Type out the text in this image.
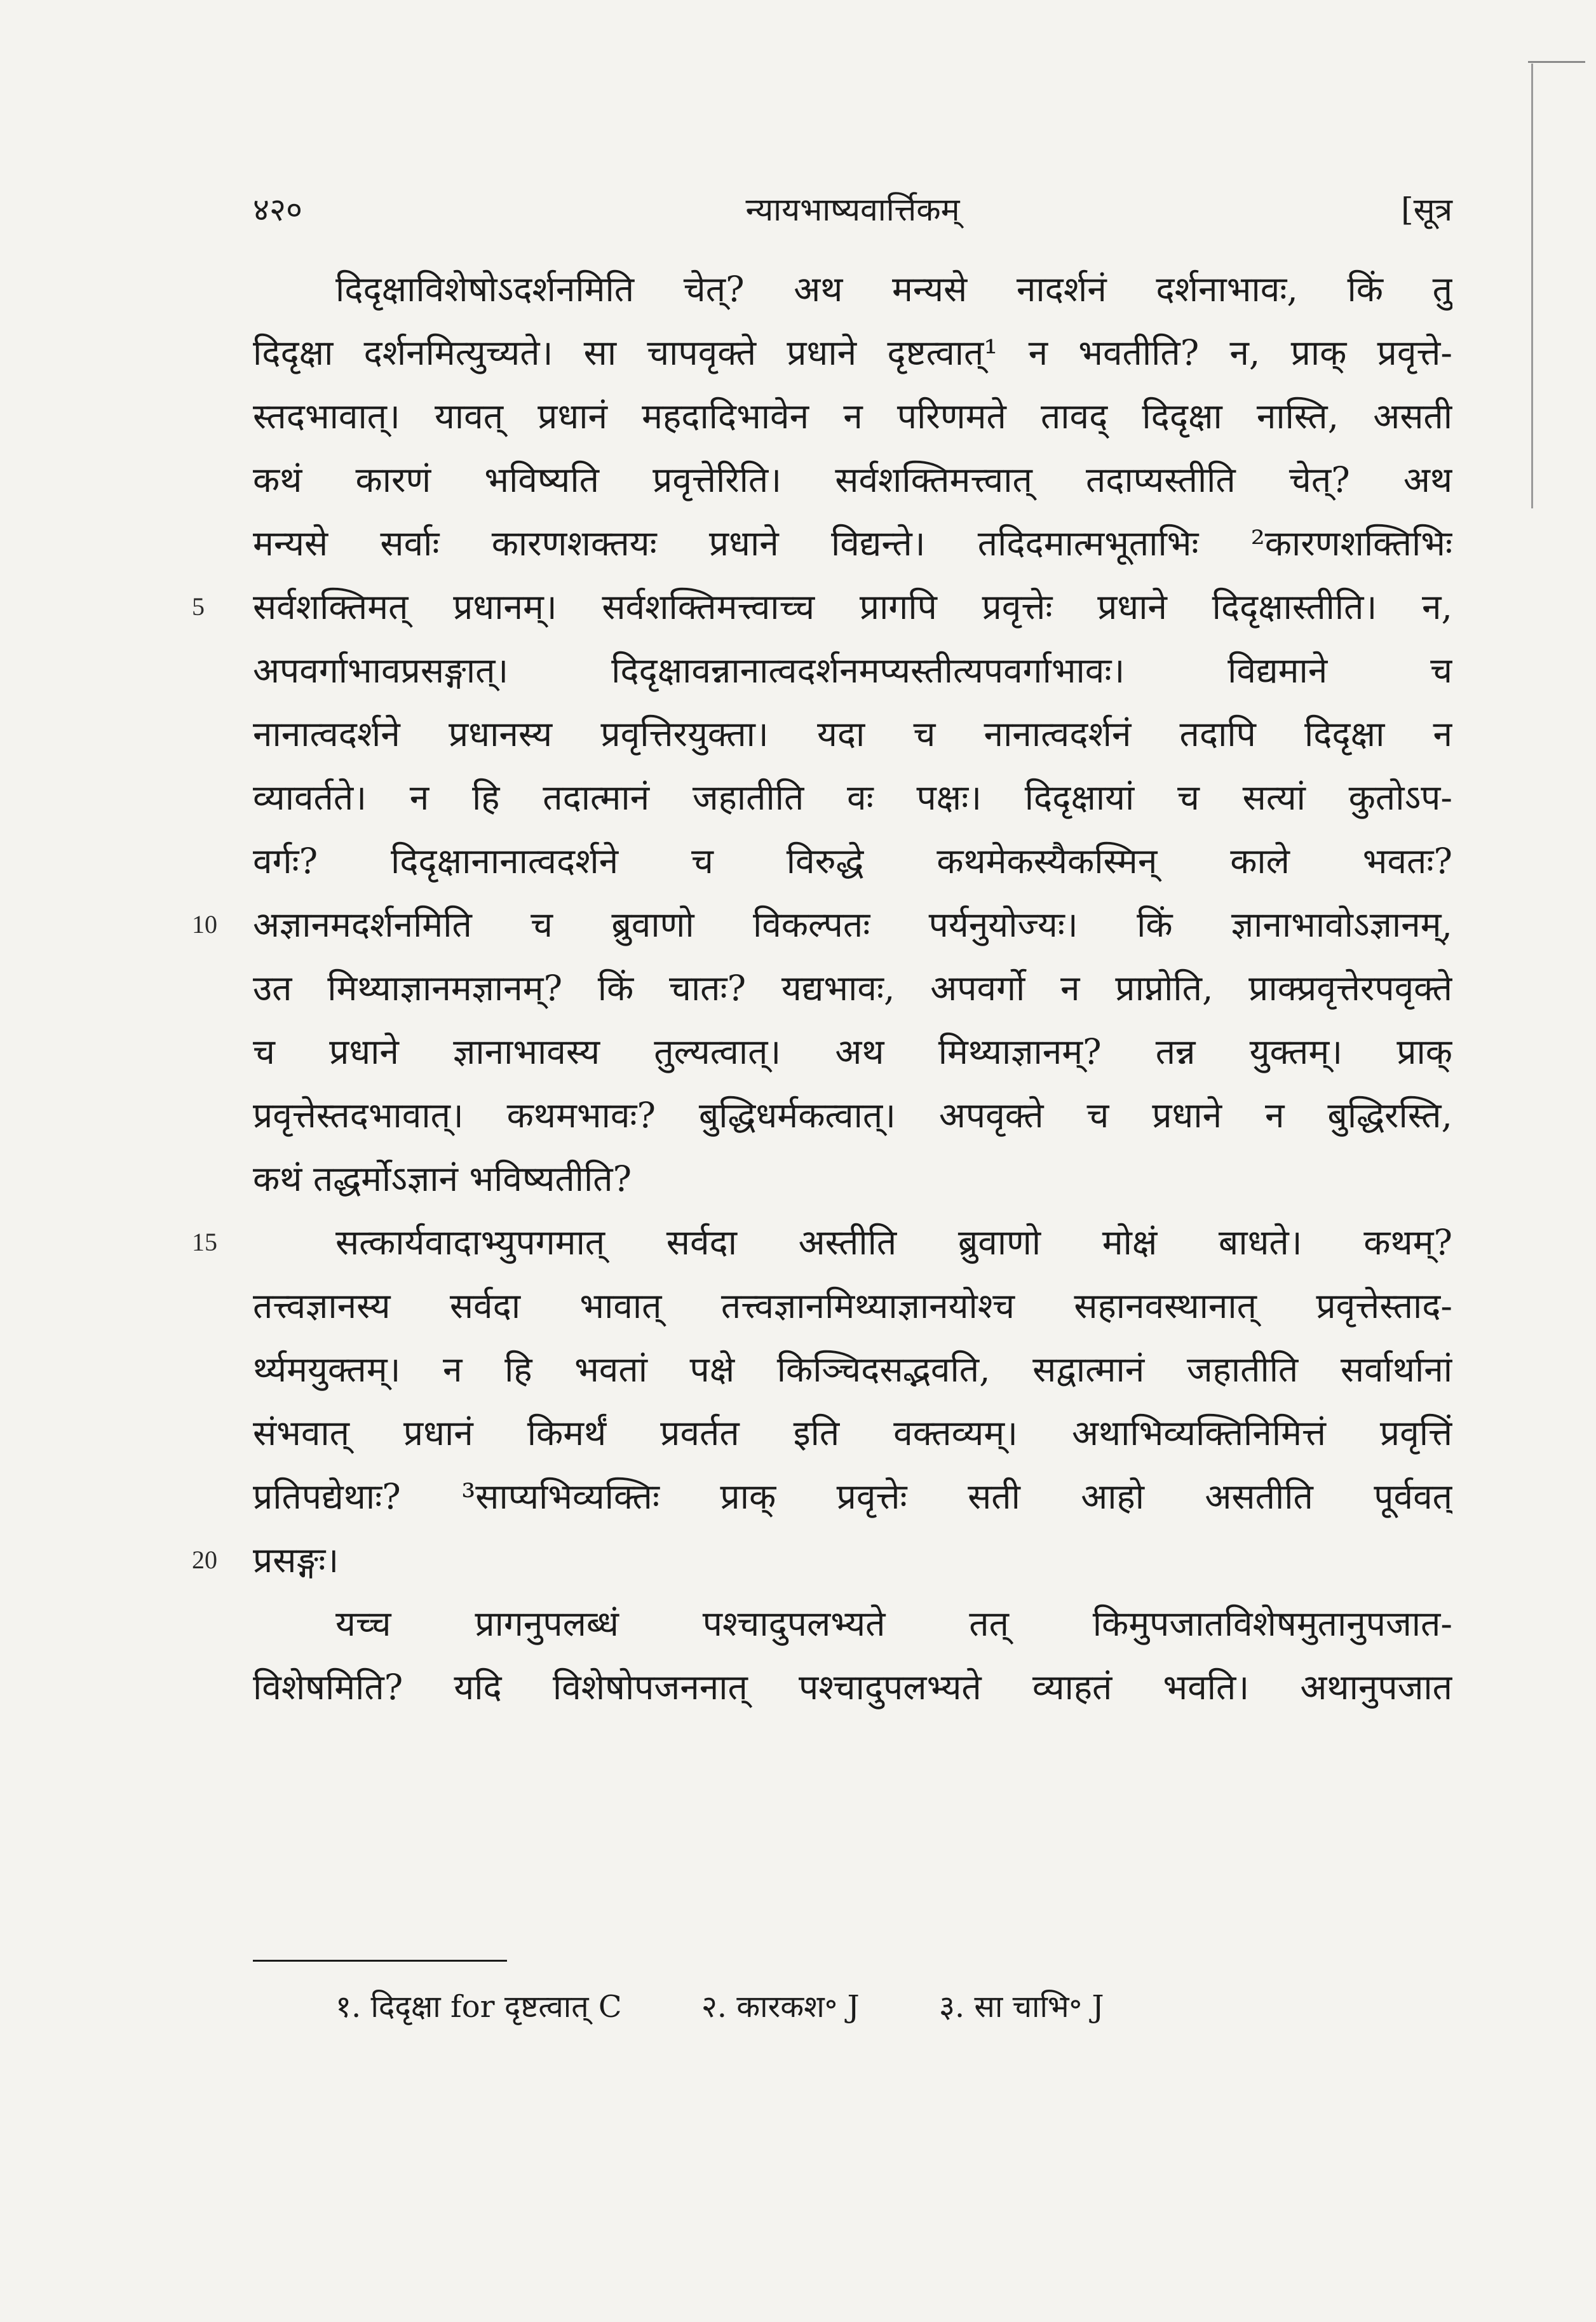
४२०	न्यायभाष्यवार्त्तिकम्	[सूत्र
दिदृक्षाविशेषोऽदर्शनमिति चेत्? अथ मन्यसे नादर्शनं दर्शनाभावः, किं तु
दिदृक्षा दर्शनमित्युच्यते। सा चापवृक्ते प्रधाने दृष्टत्वात्¹ न भवतीति? न, प्राक् प्रवृत्ते-
स्तदभावात्। यावत् प्रधानं महदादिभावेन न परिणमते तावद् दिदृक्षा नास्ति, असती
कथं कारणं भविष्यति प्रवृत्तेरिति। सर्वशक्तिमत्त्वात् तदाप्यस्तीति चेत्? अथ
मन्यसे सर्वाः कारणशक्तयः प्रधाने विद्यन्ते। तदिदमात्मभूताभिः ²कारणशक्तिभिः
सर्वशक्तिमत् प्रधानम्। सर्वशक्तिमत्त्वाच्च प्रागपि प्रवृत्तेः प्रधाने दिदृक्षास्तीति। न,
अपवर्गाभावप्रसङ्गात्। दिदृक्षावन्नानात्वदर्शनमप्यस्तीत्यपवर्गाभावः। विद्यमाने च
नानात्वदर्शने प्रधानस्य प्रवृत्तिरयुक्ता। यदा च नानात्वदर्शनं तदापि दिदृक्षा न
व्यावर्तते। न हि तदात्मानं जहातीति वः पक्षः। दिदृक्षायां च सत्यां कुतोऽप-
वर्गः? दिदृक्षानानात्वदर्शने च विरुद्धे कथमेकस्यैकस्मिन् काले भवतः?
अज्ञानमदर्शनमिति च ब्रुवाणो विकल्पतः पर्यनुयोज्यः। किं ज्ञानाभावोऽज्ञानम्,
उत मिथ्याज्ञानमज्ञानम्? किं चातः? यद्यभावः, अपवर्गो न प्राप्नोति, प्राक्प्रवृत्तेरपवृक्ते
च प्रधाने ज्ञानाभावस्य तुल्यत्वात्। अथ मिथ्याज्ञानम्? तन्न युक्तम्। प्राक्
प्रवृत्तेस्तदभावात्। कथमभावः? बुद्धिधर्मकत्वात्। अपवृक्ते च प्रधाने न बुद्धिरस्ति,
कथं तद्धर्मोऽज्ञानं भविष्यतीति?
सत्कार्यवादाभ्युपगमात् सर्वदा अस्तीति ब्रुवाणो मोक्षं बाधते। कथम्?
तत्त्वज्ञानस्य सर्वदा भावात् तत्त्वज्ञानमिथ्याज्ञानयोश्च सहानवस्थानात् प्रवृत्तेस्ताद-
र्थ्यमयुक्तम्। न हि भवतां पक्षे किञ्चिदसद्भवति, सद्वात्मानं जहातीति सर्वार्थानां
संभवात् प्रधानं किमर्थं प्रवर्तत इति वक्तव्यम्। अथाभिव्यक्तिनिमित्तं प्रवृत्तिं
प्रतिपद्येथाः? ³साप्यभिव्यक्तिः प्राक् प्रवृत्तेः सती आहो असतीति पूर्ववत्
प्रसङ्गः।
यच्च प्रागनुपलब्धं पश्चादुपलभ्यते तत् किमुपजातविशेषमुतानुपजात-
विशेषमिति? यदि विशेषोपजननात् पश्चादुपलभ्यते व्याहतं भवति। अथानुपजात
5
10
15
20
१. दिदृक्षा for दृष्टत्वात् C	२. कारकश॰ J	३. सा चाभि॰ J
